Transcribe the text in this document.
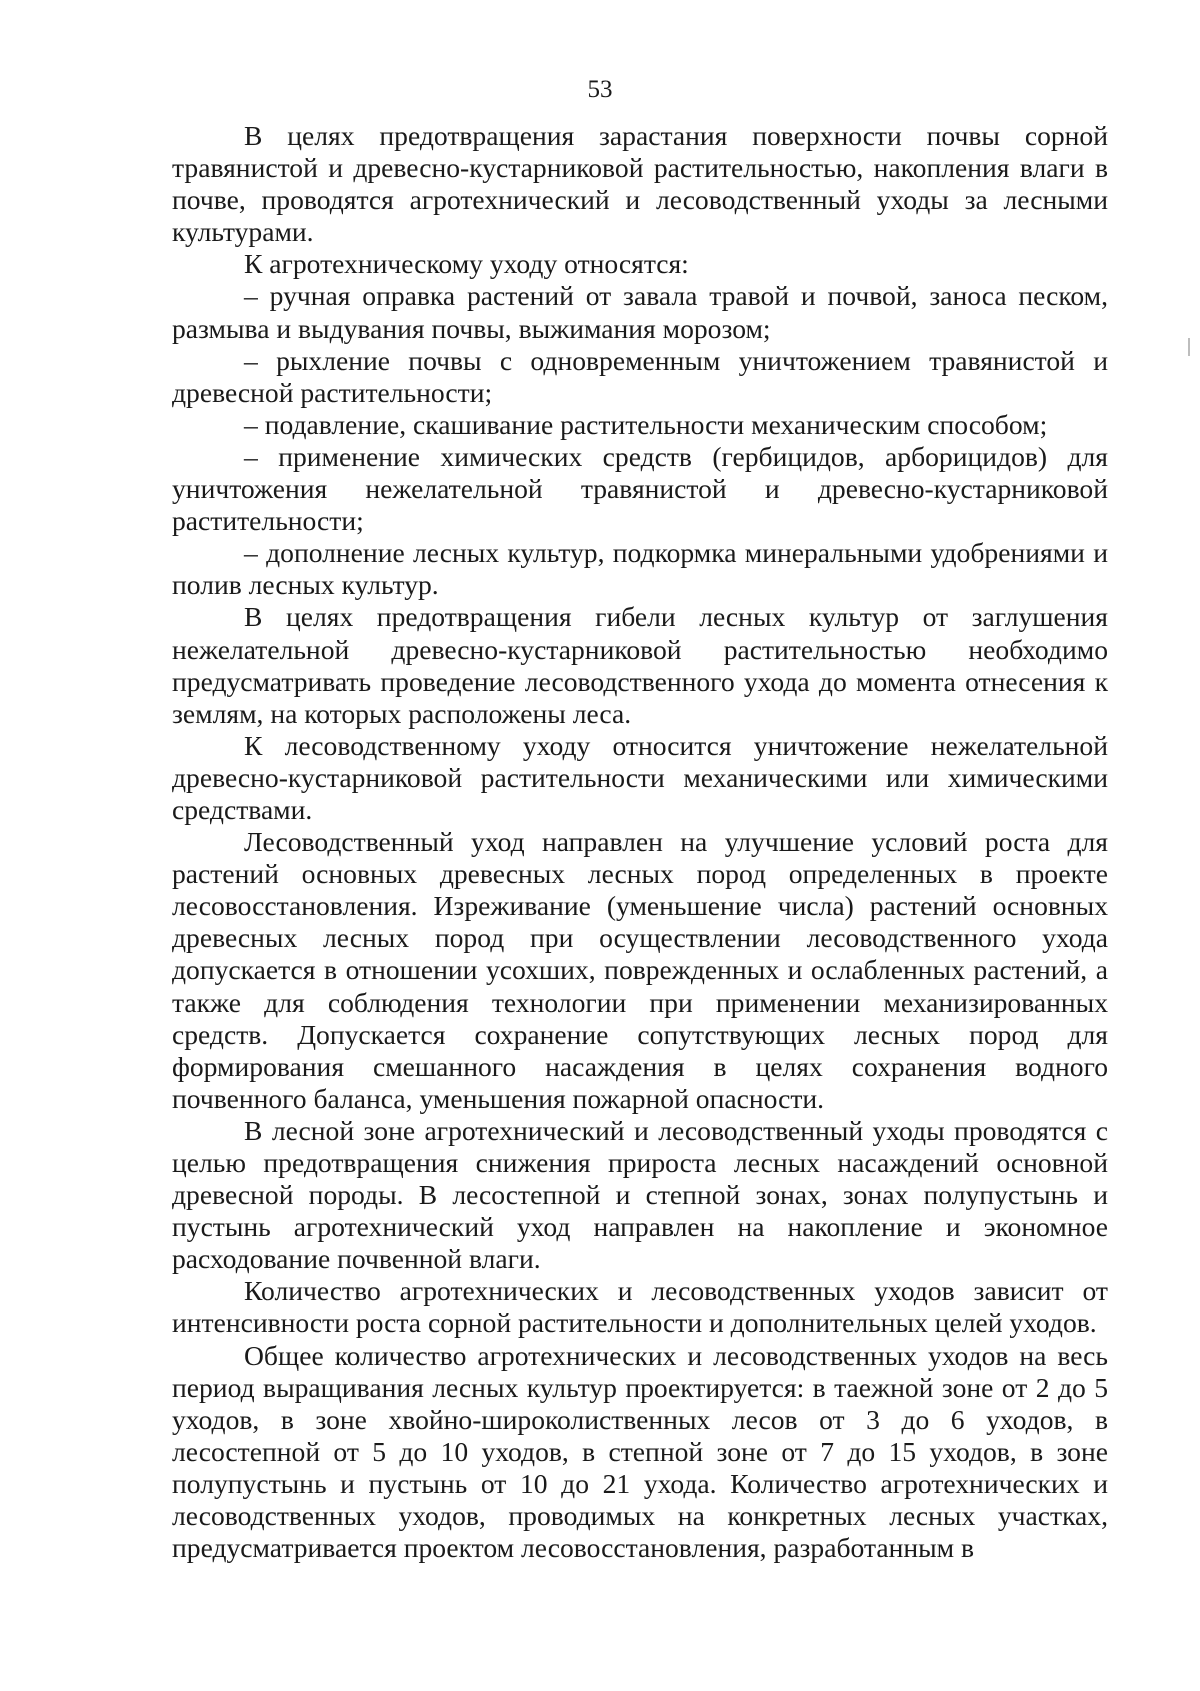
53

В целях предотвращения зарастания поверхности почвы сорной травянистой и древесно-кустарниковой растительностью, накопления влаги в почве, проводятся агротехнический и лесоводственный уходы за лесными культурами.

К агротехническому уходу относятся:

– ручная оправка растений от завала травой и почвой, заноса песком, размыва и выдувания почвы, выжимания морозом;

– рыхление почвы с одновременным уничтожением травянистой и древесной растительности;

– подавление, скашивание растительности механическим способом;

– применение химических средств (гербицидов, арборицидов) для уничтожения нежелательной травянистой и древесно-кустарниковой растительности;

– дополнение лесных культур, подкормка минеральными удобрениями и полив лесных культур.

В целях предотвращения гибели лесных культур от заглушения нежелательной древесно-кустарниковой растительностью необходимо предусматривать проведение лесоводственного ухода до момента отнесения к землям, на которых расположены леса.

К лесоводственному уходу относится уничтожение нежелательной древесно-кустарниковой растительности механическими или химическими средствами.

Лесоводственный уход направлен на улучшение условий роста для растений основных древесных лесных пород определенных в проекте лесовосстановления. Изреживание (уменьшение числа) растений основных древесных лесных пород при осуществлении лесоводственного ухода допускается в отношении усохших, поврежденных и ослабленных растений, а также для соблюдения технологии при применении механизированных средств. Допускается сохранение сопутствующих лесных пород для формирования смешанного насаждения в целях сохранения водного почвенного баланса, уменьшения пожарной опасности.

В лесной зоне агротехнический и лесоводственный уходы проводятся с целью предотвращения снижения прироста лесных насаждений основной древесной породы. В лесостепной и степной зонах, зонах полупустынь и пустынь агротехнический уход направлен на накопление и экономное расходование почвенной влаги.

Количество агротехнических и лесоводственных уходов зависит от интенсивности роста сорной растительности и дополнительных целей уходов.

Общее количество агротехнических и лесоводственных уходов на весь период выращивания лесных культур проектируется: в таежной зоне от 2 до 5 уходов, в зоне хвойно-широколиственных лесов от 3 до 6 уходов, в лесостепной от 5 до 10 уходов, в степной зоне от 7 до 15 уходов, в зоне полупустынь и пустынь от 10 до 21 ухода. Количество агротехнических и лесоводственных уходов, проводимых на конкретных лесных участках, предусматривается проектом лесовосстановления, разработанным в
